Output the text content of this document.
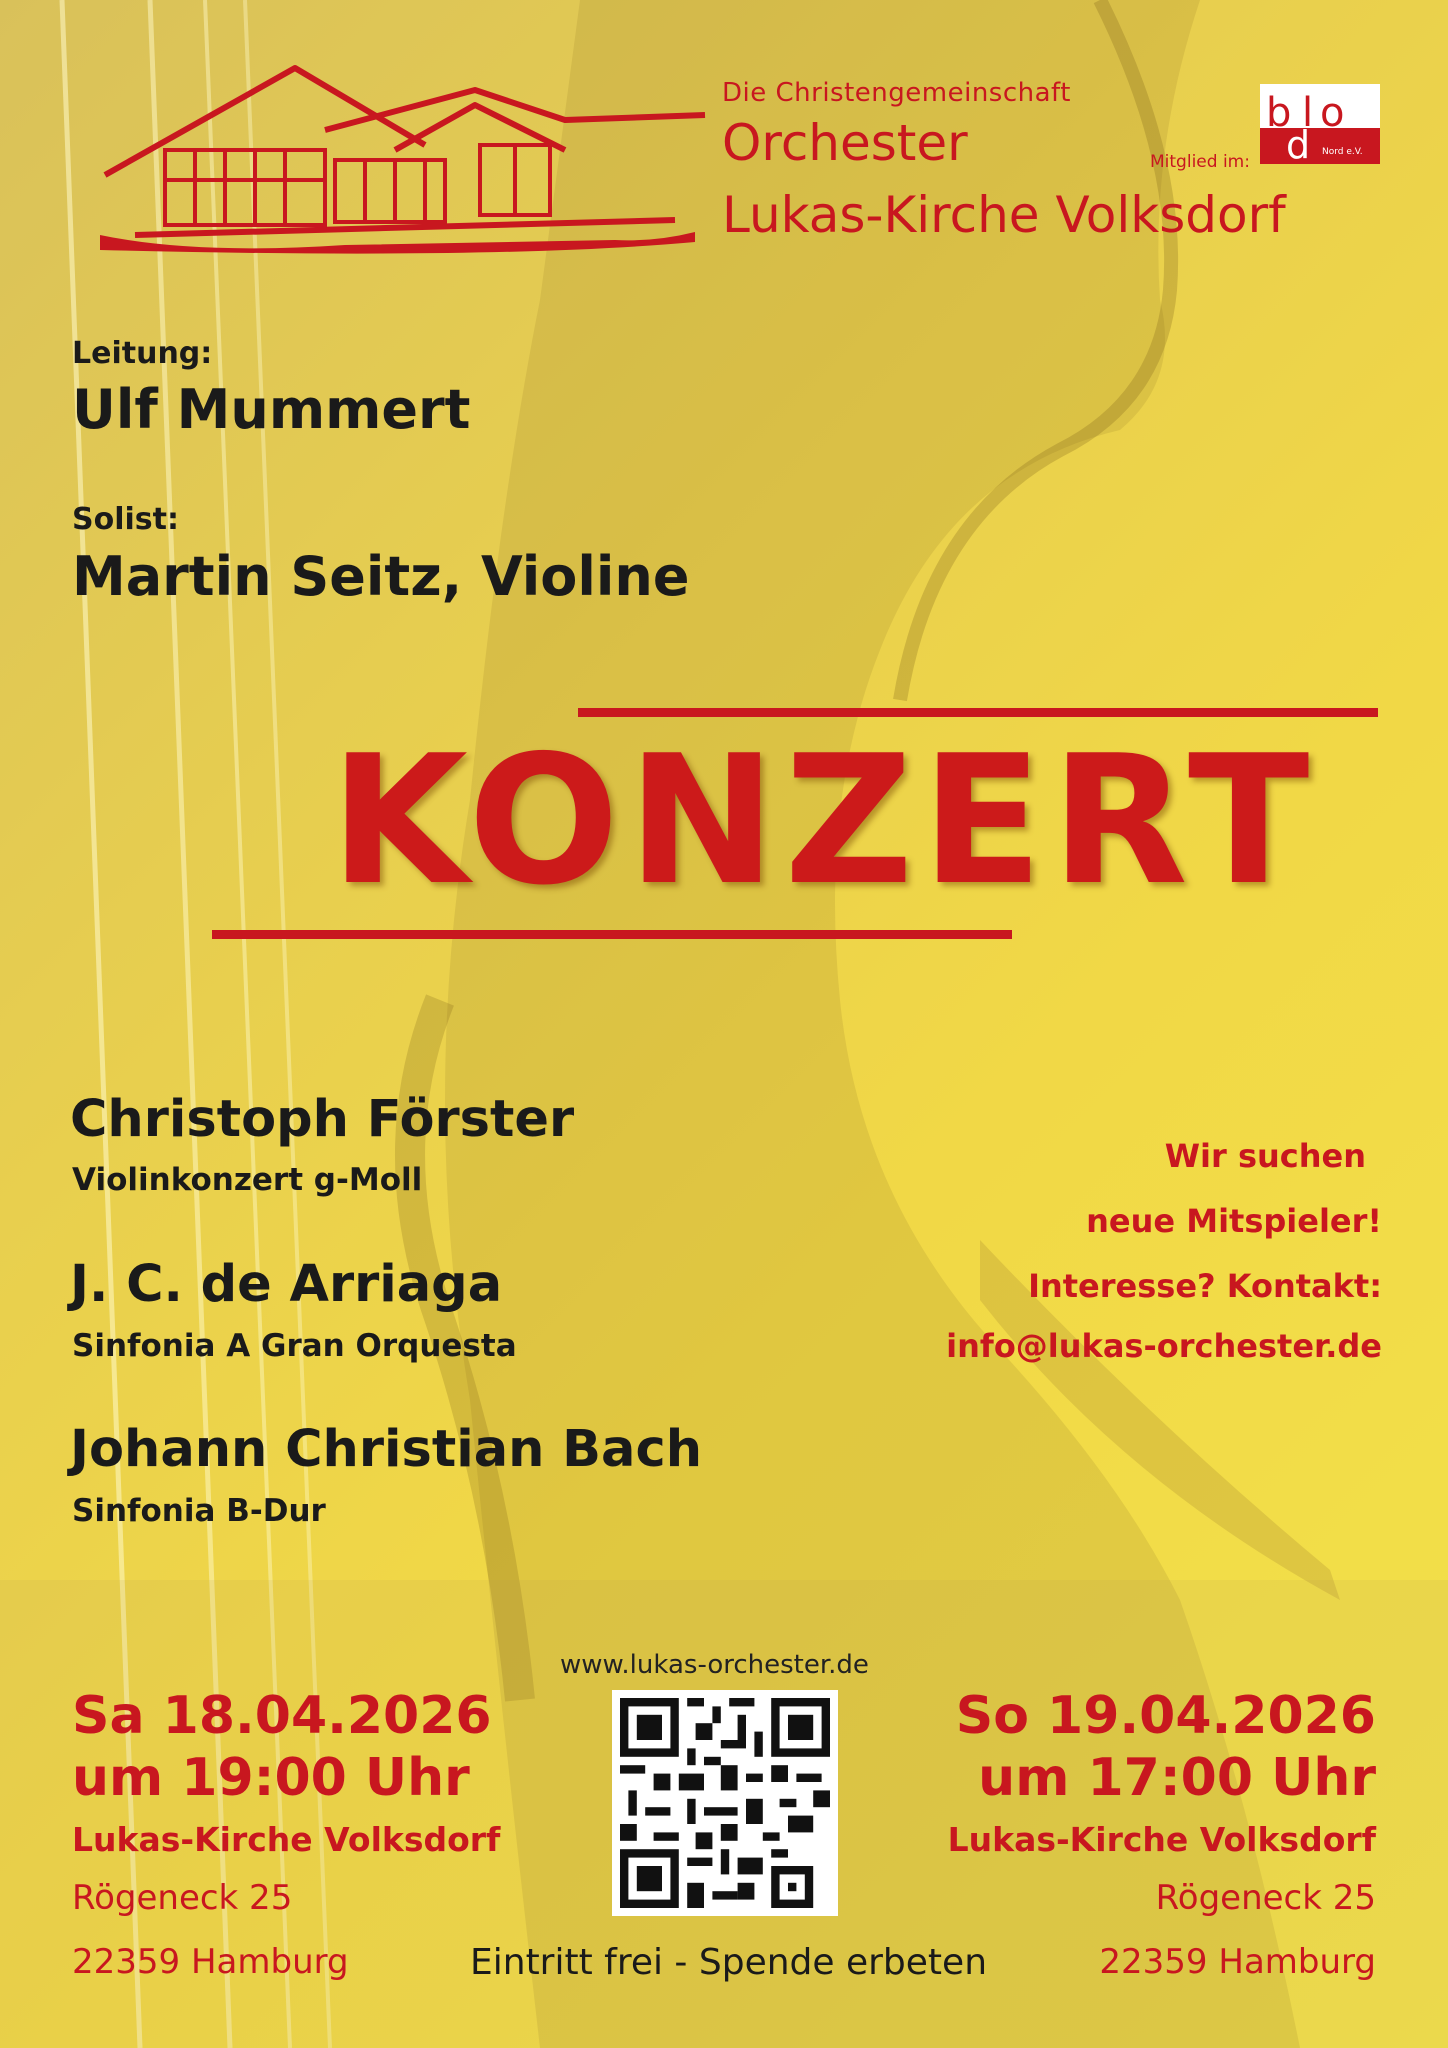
Die Christengemeinschaft

Orchester

Lukas-Kirche Volksdorf

Mitglied im:

b l o
d Nord e.V.

Leitung:

Ulf Mummert

Solist:

Martin Seitz, Violine

KONZERT

Christoph Förster

Violinkonzert g-Moll

J. C. de Arriaga

Sinfonia A Gran Orquesta

Johann Christian Bach

Sinfonia B-Dur

Wir suchen

neue Mitspieler!

Interesse? Kontakt:

info@lukas-orchester.de

www.lukas-orchester.de

Sa 18.04.2026

um 19:00 Uhr

Lukas-Kirche Volksdorf

Rögeneck 25

22359 Hamburg

So 19.04.2026

um 17:00 Uhr

Lukas-Kirche Volksdorf

Rögeneck 25

22359 Hamburg

Eintritt frei - Spende erbeten
